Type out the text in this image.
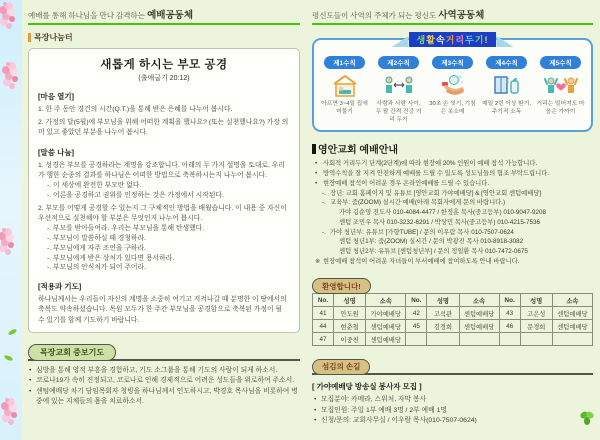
예배를 통해 하나님을 만나 감격하는 예배공동체
목장나눔터
새롭게 하시는 부모 공경
(출애굽기 20:12)
[마음 열기]
1. 한 주 동안 경건의 시간(Q.T.)을 통해 받은 은혜를 나누어 봅시다.
2. 가정의 달(5월)에 부모님을 위해 어떠한 계획을 했나요? (또는 실천했나요?) 가장 의미 있고 좋았던 부분을 나누어 봅시다.
[말씀 나눔]
1. 성경은 부모를 공경하라는 계명을 강조합니다. 아래의 두 가지 설명을 토대로, 우리가 행한 순종의 결과를 하나님은 어떠한 방법으로 축복하시는지 나누어 봅시다.
-. 이 세상에 완전한 부모란 없다.
-. 어른을 공경하고 권위를 인정하는 것은 가정에서 시작된다.
2. 부모를 어떻게 공경할 수 있는지 그 구체적인 방법을 배웠습니다. 이 내용 중 자신이 우선적으로 실천해야 할 부분은 무엇인지 나누어 봅시다.
-. 부모를 받아들여라. 우리는 부모님을 통해 탄생했다.
-. 부모님이 말씀하실 때 경청하라.
-. 부모님에게 자주 조언을 구하라.
-. 부모님에게 받은 상처가 있다면 용서하라.
-. 부모님의 안식처가 되어 주어라.
[적용과 기도]
하나님께서는 우리들이 자신의 계명을 소중히 여기고 지켜나갈 때 분명한 이 땅에서의 축복도 약속하셨습니다. 목원 모두가 한 주간 부모님을 공경함으로 축복된 가정이 될 수 있기를 함께 기도하기 바랍니다.
목장교회 중보기도
• 심방을 통해 영적 부흥을 경험하고, 기도 소그룹을 통해 기도의 사람이 되게 하소서.
• 코로나19가 속히 진정되고, 코로나로 인해 경제적으로 어려운 성도들을 위로하여 주소서.
• 센텀예배당 차기 담임목회자 청빙을 하나님께서 인도하시고, 박경호 목사님을 비롯하여 병중에 있는 지체들의 몸을 치료하소서.
평신도들이 사역의 주체가 되는 평신도 사역공동체
생 활 속 거 리 두 기 !
제1수칙
아프면 3~4일 집에 머물기
제2수칙
사람과 사람 사이, 두 팔 간격 건강 거리 두기
제3수칙
30초 손 씻기, 기침은 옷소매
제4수칙
매일 2번 이상 환기, 주기적 소독
제5수칙
거리는 멀어져도 마음은 가까이
영안교회 예배안내
• 사회적 거리두기 단계(2단계)에 따라 현장에 20% 인원이 예배 참석 가능합니다.
• 방역수칙을 잘 지켜 안전하게 예배를 드릴 수 있도록 성도님들의 협조 부탁드립니다.
• 현장예배 참석이 어려운 경우 온라인예배를 드릴 수 있습니다.
-. 장년: 교회 홈페이지 및 유튜브 [영안교회 가야예배당] & [영안교회 센텀예배당]
-. 교육부: 줌(ZOOM) 실시간 예배(아래 목회자에게 문의 바랍니다.)
가야 김순영 전도사 010-4084-4477 / 한정훈 목사(중고등부) 010-9047-9208
센텀 조민우 목사 010-3232-6291 / 박상민 목사(중고등부) 010-4215-7536
-. 가야 청년부: 유튜브 [가향TUBE] / 문의 이우람 목사 010-7507-0624
센텀 청년1부: 줌(ZOOM) 실시간 / 문의 박광진 목사 010-8918-3082
센텀 청년2부: 유튜브 [센텀청년부] / 문의 정일환 목사 010-7472-0675
※ 현장예배 참석이 어려운 자녀들이 부서예배에 참여하도록 안내 바랍니다.
환영합니다!
No.	성명	소속	No.	성명	소속	No.	성명	소속
41	안도원	가야예배당	42	고석관	센텀예배당	43	고은성	센텀예배당
44	현춘철	센텀예배당	45	김경희	센텀예배당	46	문경희	센텀예배당
47	이중천	센텀예배당						
섬김의 손길
[ 가야예배당 방송실 봉사자 모집 ]
• 모집분야: 카메라, 스위처, 자막 봉사
• 모집인원: 주일 1부 예배 3명 / 2부 예배 1명
• 신청/문의: 교회사무실 / 이우람 목사(010-7507-0624)
